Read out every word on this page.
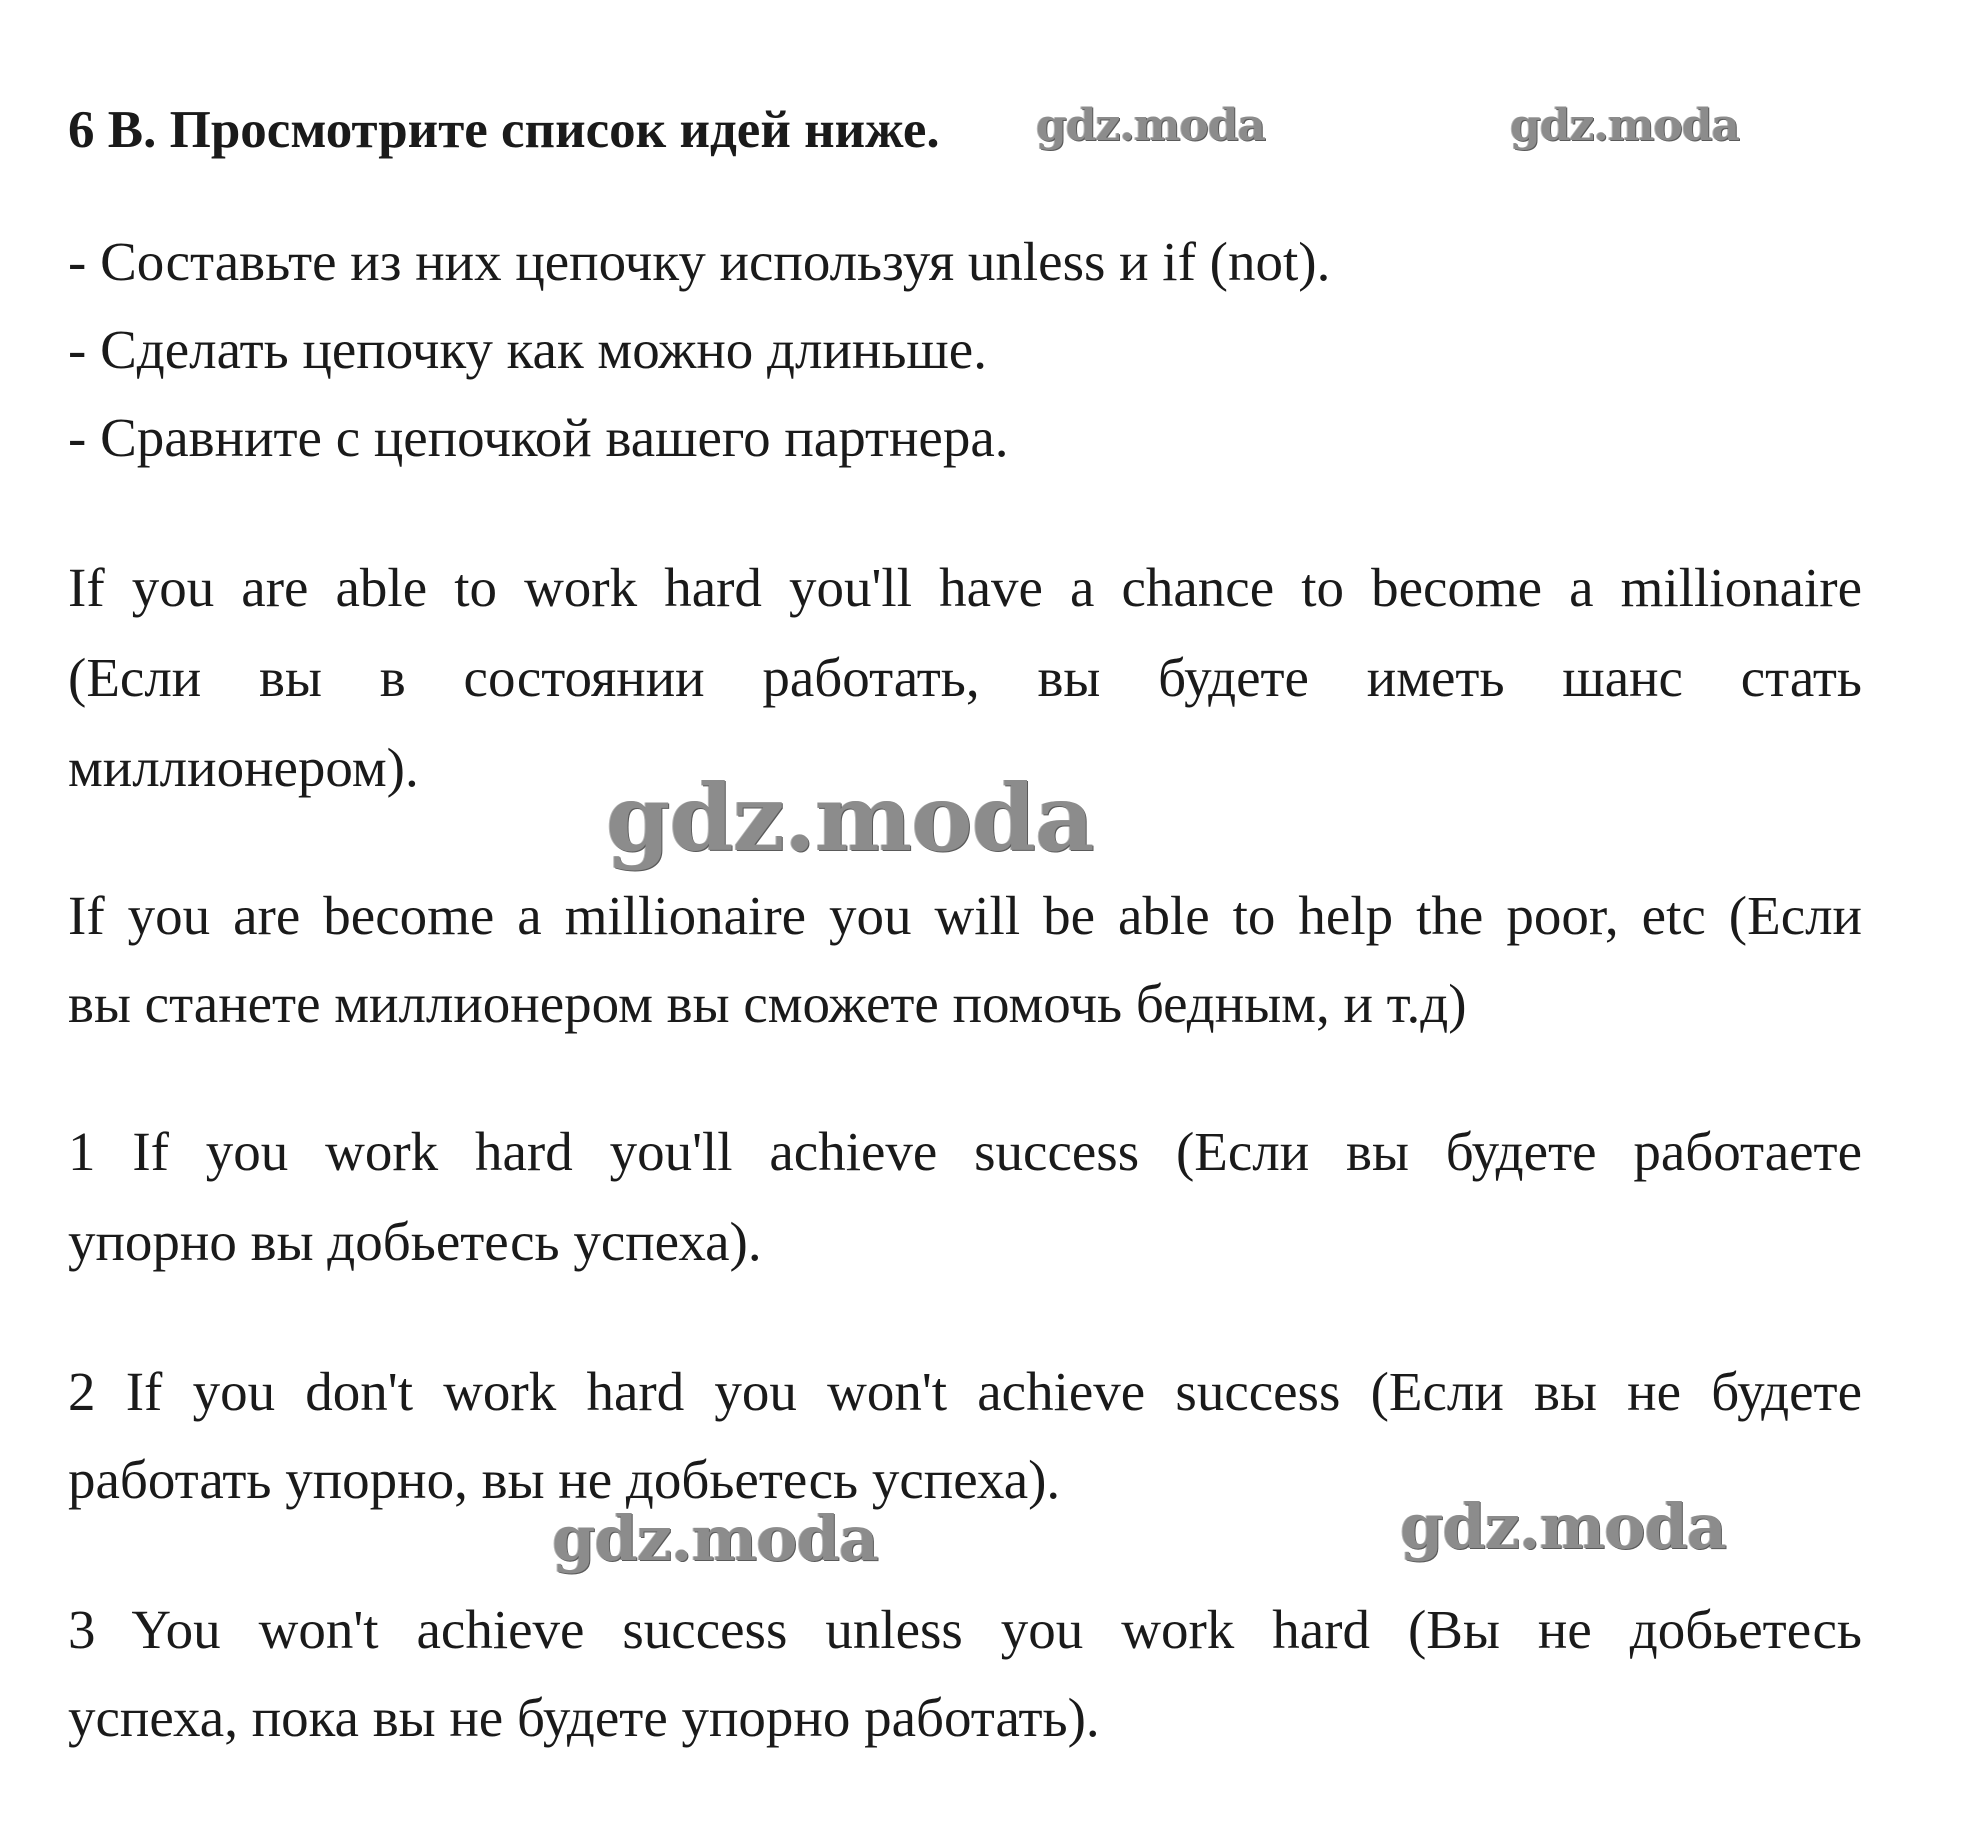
6 B. Просмотрите список идей ниже.

- Составьте из них цепочку используя unless и if (not).

- Сделать цепочку как можно длиньше.

- Сравните с цепочкой вашего партнера.

If you are able to work hard you'll have a chance to become a millionaire

(Если вы в состоянии работать, вы будете иметь шанс стать

миллионером).

If you are become a millionaire you will be able to help the poor, etc (Если

вы станете миллионером вы сможете помочь бедным, и т.д)

1 If you work hard you'll achieve success (Если вы будете работаете

упорно вы добьетесь успеха).

2 If you don't work hard you won't achieve success (Если вы не будете

работать упорно, вы не добьетесь успеха).

3 You won't achieve success unless you work hard (Вы не добьетесь

успеха, пока вы не будете упорно работать).

gdz.moda	gdz.moda
gdz.moda
gdz.moda	gdz.moda
